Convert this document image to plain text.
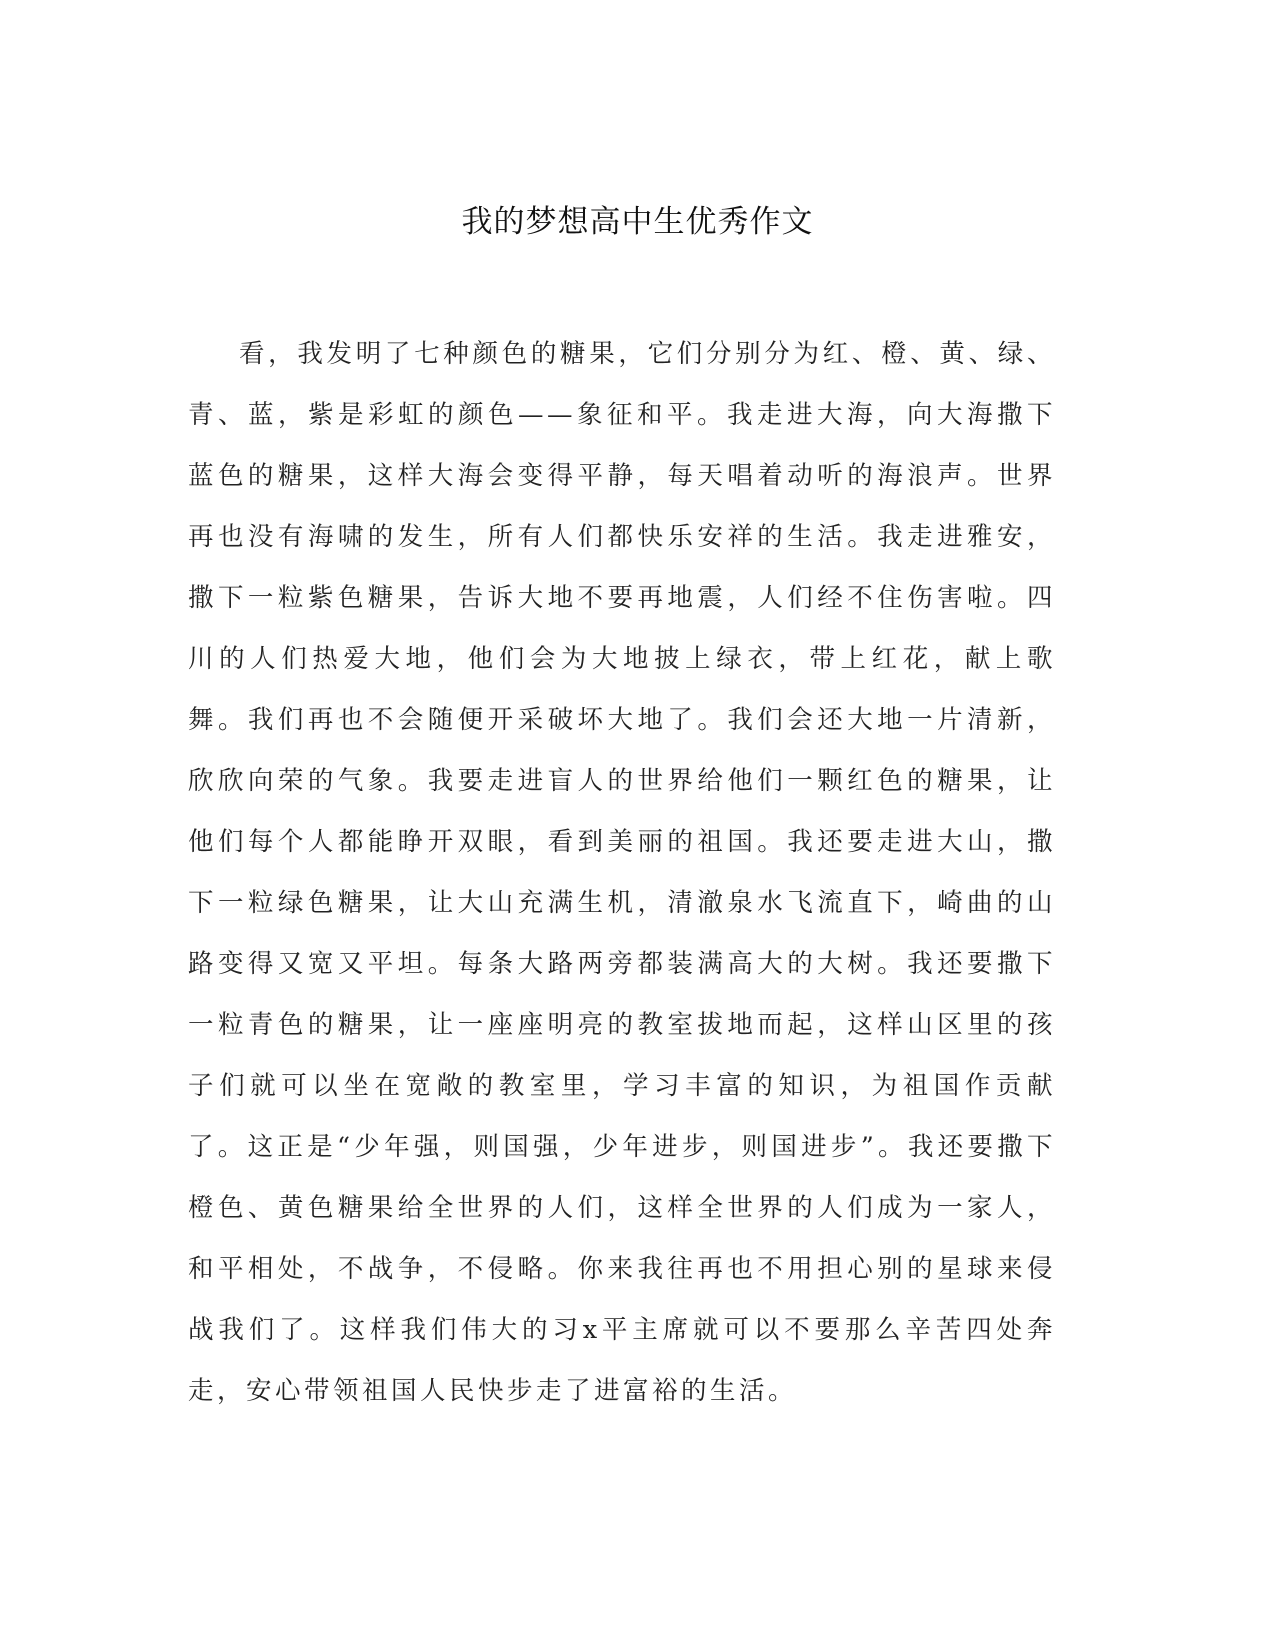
我的梦想高中生优秀作文

看，我发明了七种颜色的糖果，它们分别分为红、橙、黄、绿、青、蓝，紫是彩虹的颜色——象征和平。我走进大海，向大海撒下蓝色的糖果，这样大海会变得平静，每天唱着动听的海浪声。世界再也没有海啸的发生，所有人们都快乐安祥的生活。我走进雅安，撒下一粒紫色糖果，告诉大地不要再地震，人们经不住伤害啦。四川的人们热爱大地，他们会为大地披上绿衣，带上红花，献上歌舞。我们再也不会随便开采破坏大地了。我们会还大地一片清新，欣欣向荣的气象。我要走进盲人的世界给他们一颗红色的糖果，让他们每个人都能睁开双眼，看到美丽的祖国。我还要走进大山，撒下一粒绿色糖果，让大山充满生机，清澈泉水飞流直下，崎曲的山路变得又宽又平坦。每条大路两旁都装满高大的大树。我还要撒下一粒青色的糖果，让一座座明亮的教室拔地而起，这样山区里的孩子们就可以坐在宽敞的教室里，学习丰富的知识，为祖国作贡献了。这正是“少年强，则国强，少年进步，则国进步”。我还要撒下橙色、黄色糖果给全世界的人们，这样全世界的人们成为一家人，和平相处，不战争，不侵略。你来我往再也不用担心别的星球来侵战我们了。这样我们伟大的习x平主席就可以不要那么辛苦四处奔走，安心带领祖国人民快步走了进富裕的生活。
